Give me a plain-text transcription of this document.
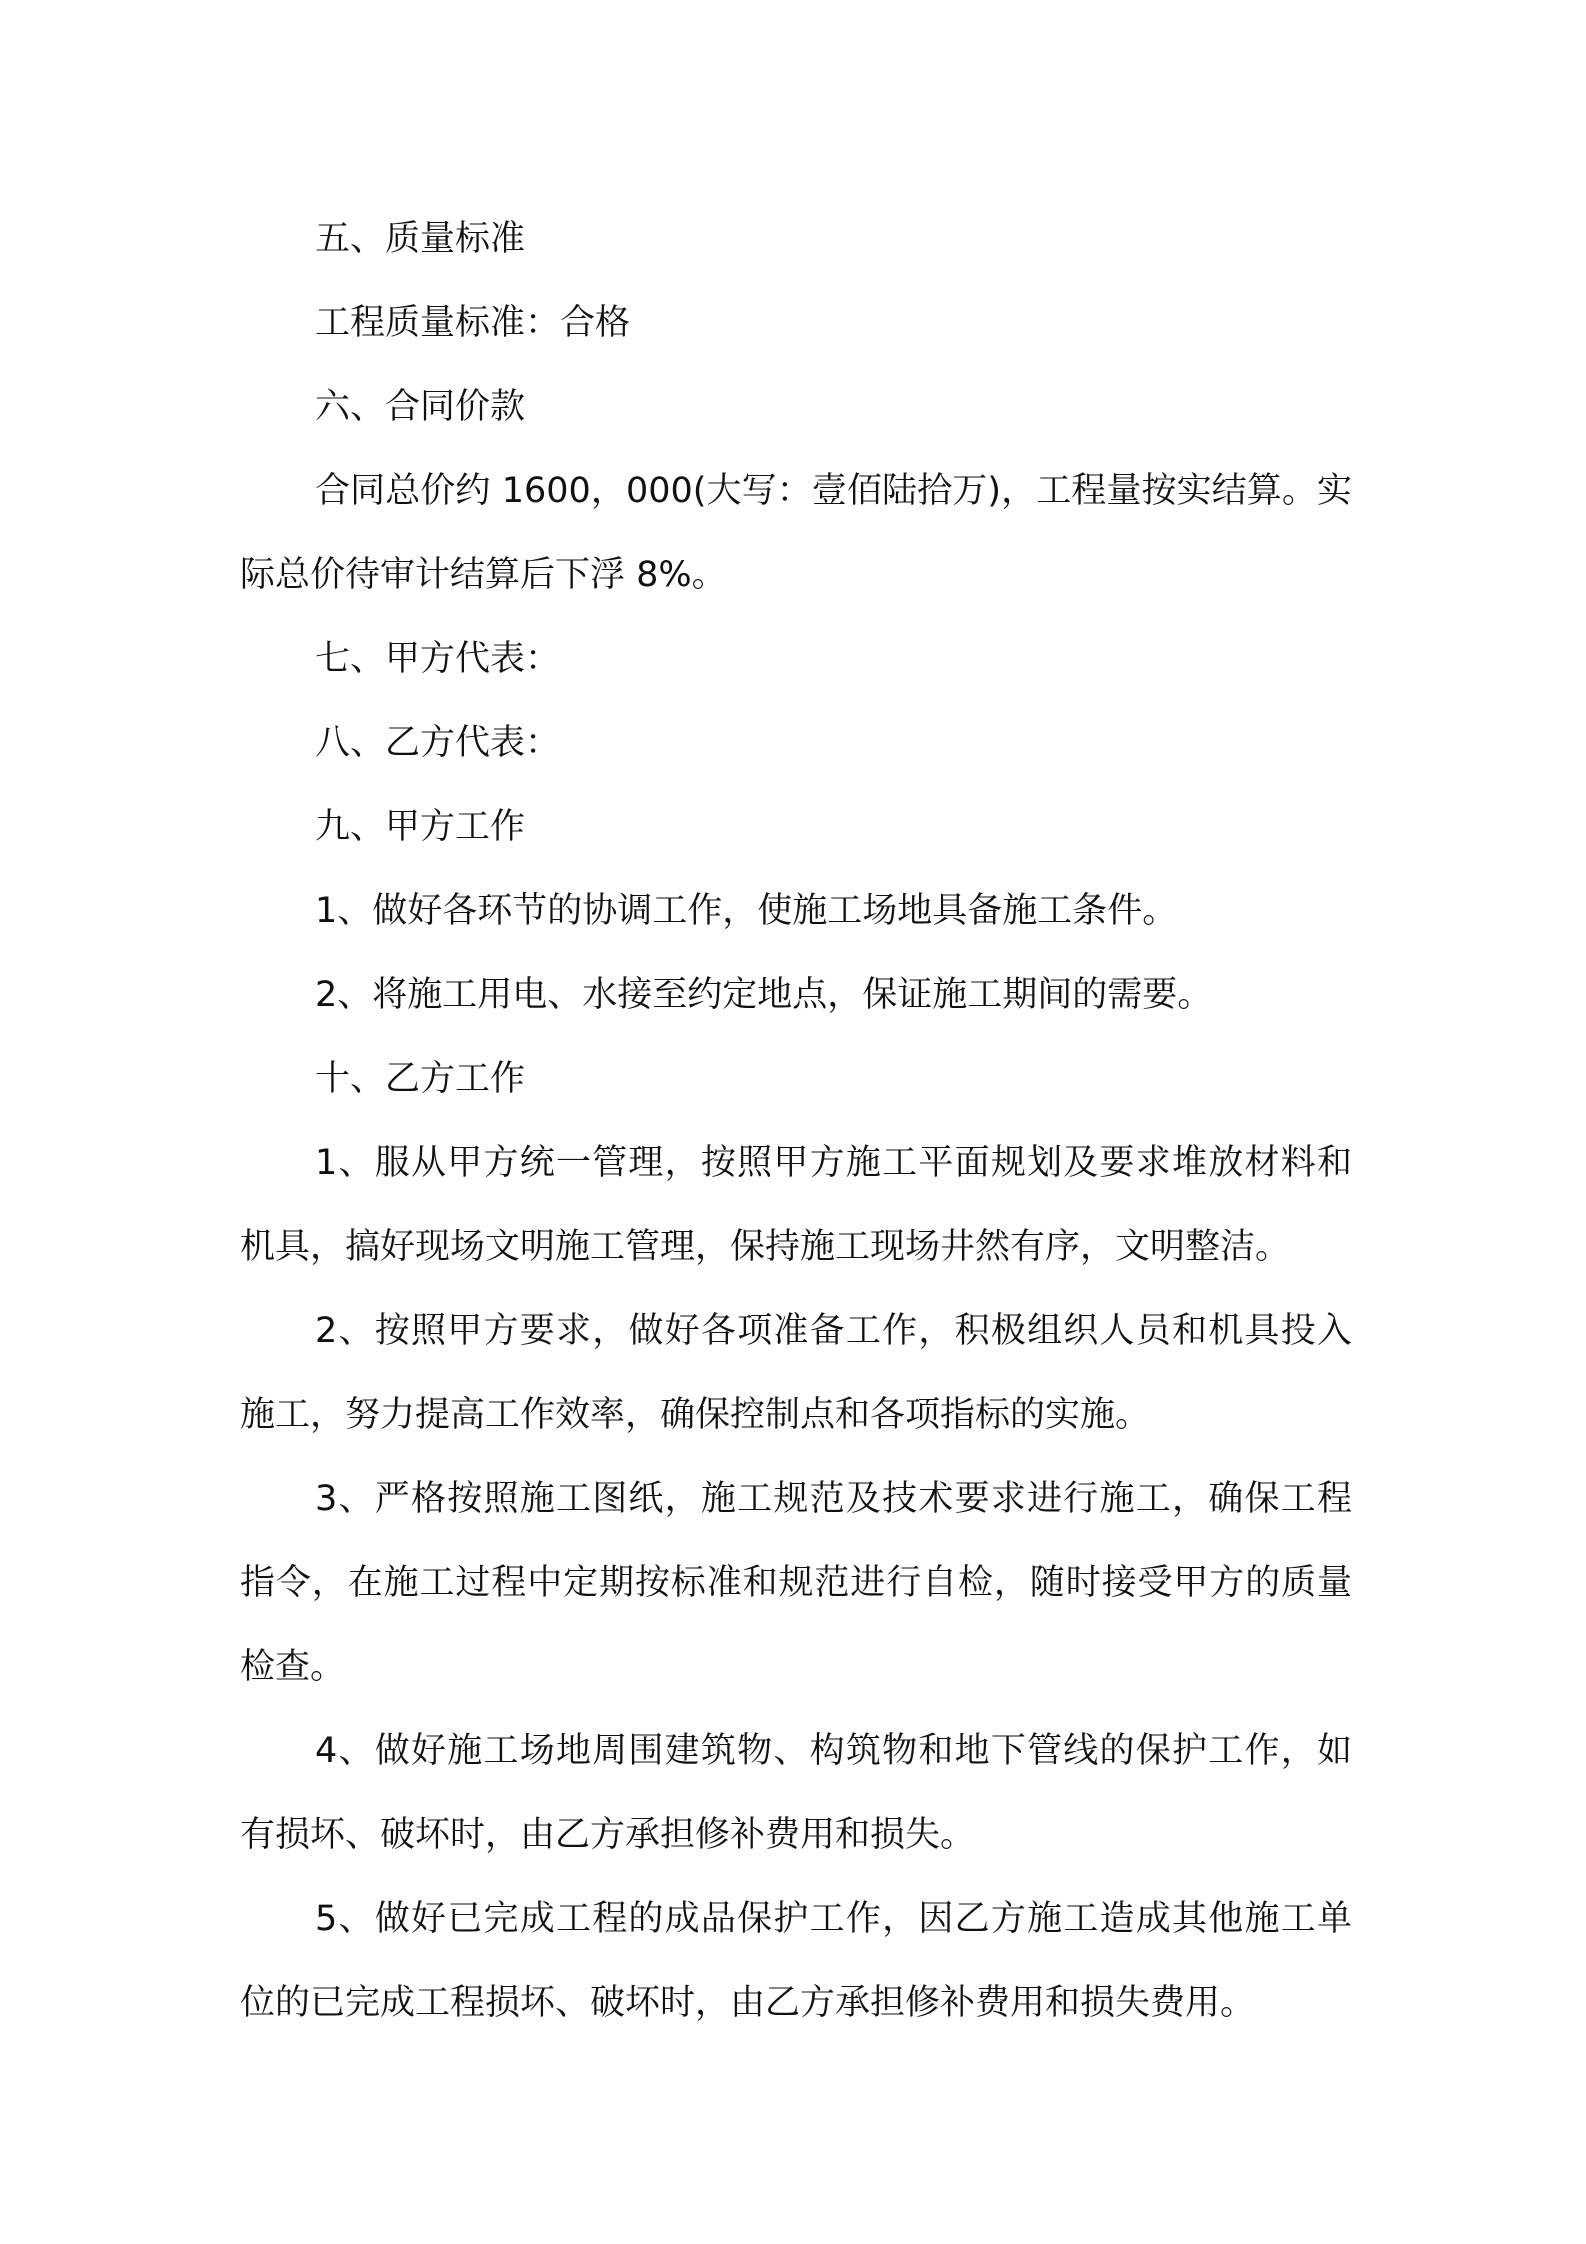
五、质量标准

工程质量标准：合格

六、合同价款

合同总价约 1600，000(大写：壹佰陆拾万)，工程量按实结算。实际总价待审计结算后下浮 8%。

七、甲方代表：

八、乙方代表：

九、甲方工作

1、做好各环节的协调工作，使施工场地具备施工条件。

2、将施工用电、水接至约定地点，保证施工期间的需要。

十、乙方工作

1、服从甲方统一管理，按照甲方施工平面规划及要求堆放材料和机具，搞好现场文明施工管理，保持施工现场井然有序，文明整洁。

2、按照甲方要求，做好各项准备工作，积极组织人员和机具投入施工，努力提高工作效率，确保控制点和各项指标的实施。

3、严格按照施工图纸，施工规范及技术要求进行施工，确保工程指令，在施工过程中定期按标准和规范进行自检，随时接受甲方的质量检查。

4、做好施工场地周围建筑物、构筑物和地下管线的保护工作，如有损坏、破坏时，由乙方承担修补费用和损失。

5、做好已完成工程的成品保护工作，因乙方施工造成其他施工单位的已完成工程损坏、破坏时，由乙方承担修补费用和损失费用。
